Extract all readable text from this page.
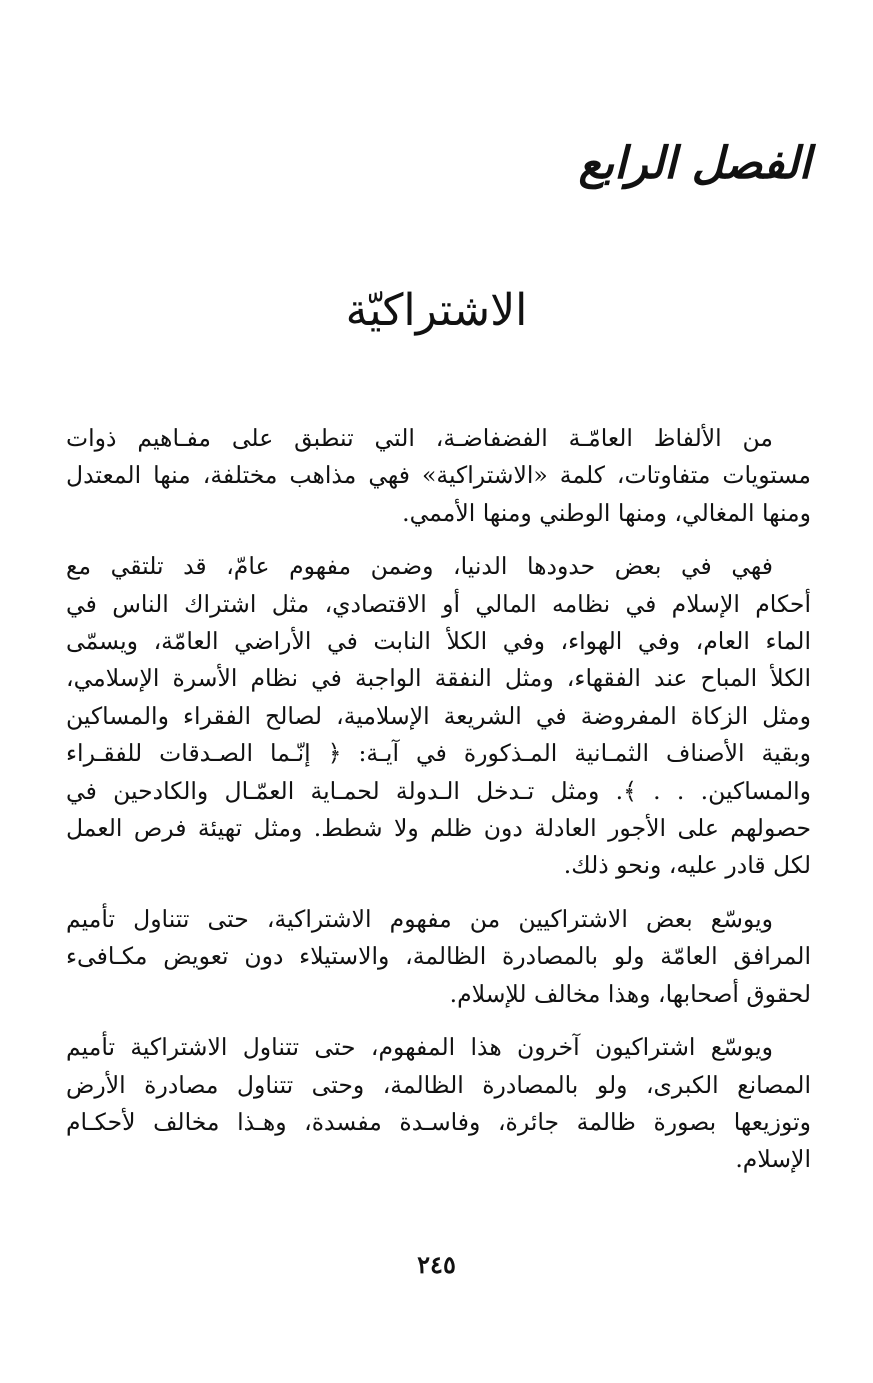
الفصل الرابع
الاشتراكيّة

من الألفاظ العامّـة الفضفاضـة، التي تنطبق على مفـاهيم ذوات
مستويات متفاوتات، كلمة «الاشتراكية» فهي مذاهب مختلفة، منها المعتدل
ومنها المغالي، ومنها الوطني ومنها الأممي.

فهي في بعض حدودها الدنيا، وضمن مفهوم عامّ، قد تلتقي مع
أحكام الإسلام في نظامه المالي أو الاقتصادي، مثل اشتراك الناس في
الماء العام، وفي الهواء، وفي الكلأ النابت في الأراضي العامّة، ويسمّى
الكلأ المباح عند الفقهاء، ومثل النفقة الواجبة في نظام الأسرة الإسلامي،
ومثل الزكاة المفروضة في الشريعة الإسلامية، لصالح الفقراء والمساكين
وبقية الأصناف الثمـانية المـذكورة في آيـة: ﴿ إنّـما الصـدقات للفقـراء
والمساكين. . . ﴾. ومثل تـدخل الـدولة لحمـاية العمّـال والكادحين في
حصولهم على الأجور العادلة دون ظلم ولا شطط. ومثل تهيئة فرص العمل
لكل قادر عليه، ونحو ذلك.

ويوسّع بعض الاشتراكيين من مفهوم الاشتراكية، حتى تتناول تأميم
المرافق العامّة ولو بالمصادرة الظالمة، والاستيلاء دون تعويض مكـافىء
لحقوق أصحابها، وهذا مخالف للإسلام.

ويوسّع اشتراكيون آخرون هذا المفهوم، حتى تتناول الاشتراكية تأميم
المصانع الكبرى، ولو بالمصادرة الظالمة، وحتى تتناول مصادرة الأرض
وتوزيعها بصورة ظالمة جائرة، وفاسـدة مفسدة، وهـذا مخالف لأحكـام
الإسلام.

٢٤٥
